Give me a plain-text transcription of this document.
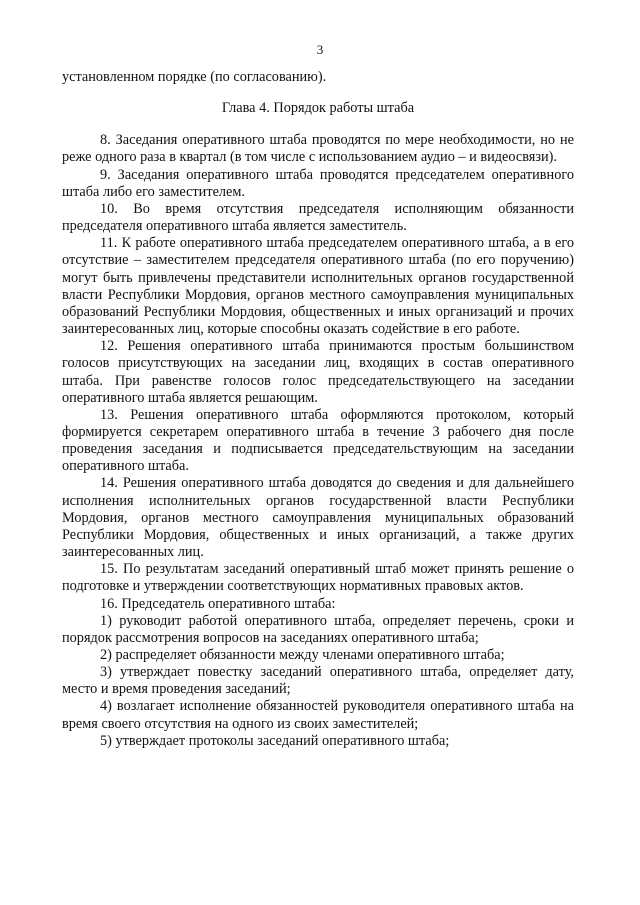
3

установленном порядке (по согласованию).

Глава 4. Порядок работы штаба

8. Заседания оперативного штаба проводятся по мере необходимости, но не реже одного раза в квартал (в том числе с использованием аудио – и видеосвязи).

9. Заседания оперативного штаба проводятся председателем оперативного штаба либо его заместителем.

10. Во время отсутствия председателя исполняющим обязанности председателя оперативного штаба является заместитель.

11. К работе оперативного штаба председателем оперативного штаба, а в его отсутствие – заместителем председателя оперативного штаба (по его поручению) могут быть привлечены представители исполнительных органов государственной власти Республики Мордовия, органов местного самоуправления муниципальных образований Республики Мордовия, общественных и иных организаций и прочих заинтересованных лиц, которые способны оказать содействие в его работе.

12. Решения оперативного штаба принимаются простым большинством голосов присутствующих на заседании лиц, входящих в состав оперативного штаба. При равенстве голосов голос председательствующего на заседании оперативного штаба является решающим.

13. Решения оперативного штаба оформляются протоколом, который формируется секретарем оперативного штаба в течение 3 рабочего дня после проведения заседания и подписывается председательствующим на заседании оперативного штаба.

14. Решения оперативного штаба доводятся до сведения и для дальнейшего исполнения исполнительных органов государственной власти Республики Мордовия, органов местного самоуправления муниципальных образований Республики Мордовия, общественных и иных организаций, а также других заинтересованных лиц.

15. По результатам заседаний оперативный штаб может принять решение о подготовке и утверждении соответствующих нормативных правовых актов.

16. Председатель оперативного штаба:

1) руководит работой оперативного штаба, определяет перечень, сроки и порядок рассмотрения вопросов на заседаниях оперативного штаба;

2) распределяет обязанности между членами оперативного штаба;

3) утверждает повестку заседаний оперативного штаба, определяет дату, место и время проведения заседаний;

4) возлагает исполнение обязанностей руководителя оперативного штаба на время своего отсутствия на одного из своих заместителей;

5) утверждает протоколы заседаний оперативного штаба;
